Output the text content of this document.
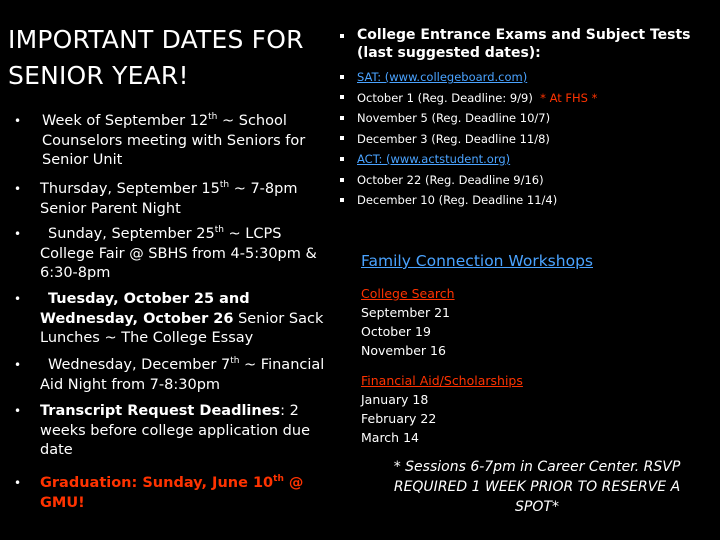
IMPORTANT DATES FOR
SENIOR YEAR!
•	Week of September 12th ~ School Counselors meeting with Seniors for Senior Unit
•	Thursday, September 15th ~ 7-8pm Senior Parent Night
•	Sunday, September 25th ~ LCPS College Fair @ SBHS from 4-5:30pm & 6:30-8pm
•	Tuesday, October 25 and Wednesday, October 26 Senior Sack Lunches ~ The College Essay
•	Wednesday, December 7th ~ Financial Aid Night from 7-8:30pm
•	Transcript Request Deadlines: 2 weeks before college application due date
•	Graduation: Sunday, June 10th @ GMU!
College Entrance Exams and Subject Tests
(last suggested dates):
SAT: (www.collegeboard.com)
October 1 (Reg. Deadline: 9/9) * At FHS *
November 5 (Reg. Deadline 10/7)
December 3 (Reg. Deadline 11/8)
ACT: (www.actstudent.org)
October 22 (Reg. Deadline 9/16)
December 10 (Reg. Deadline 11/4)
Family Connection Workshops
College Search
September 21
October 19
November 16
Financial Aid/Scholarships
January 18
February 22
March 14
* Sessions 6-7pm in Career Center. RSVP REQUIRED 1 WEEK PRIOR TO RESERVE A SPOT*
